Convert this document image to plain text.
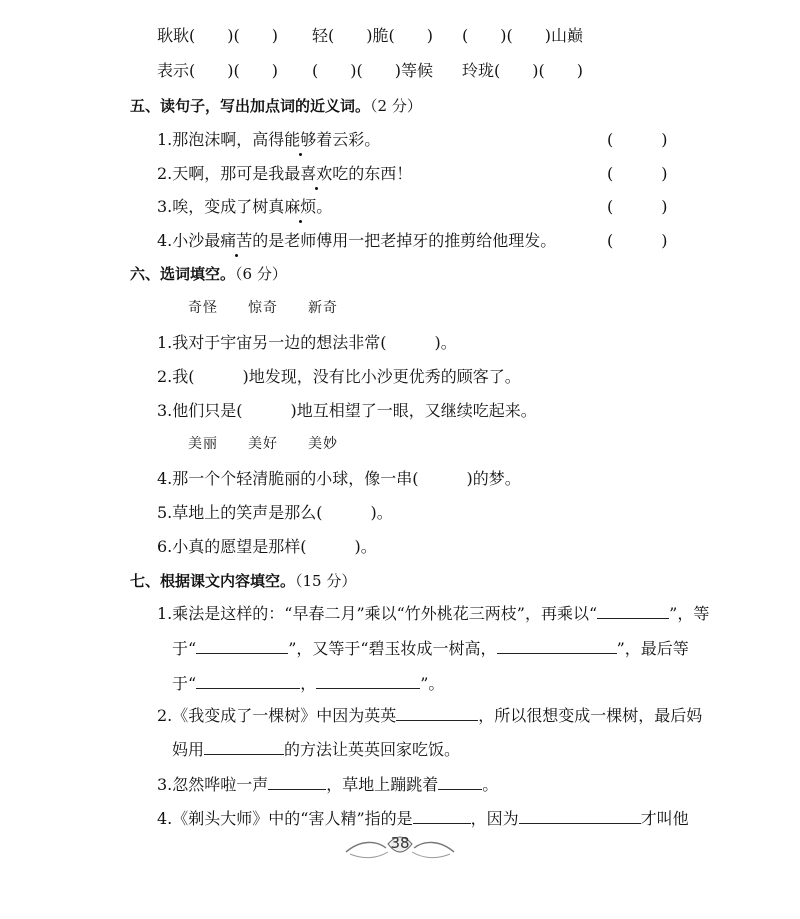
耿耿(　　)(　　) 轻(　　)脆(　　) (　　)(　　)山巅
表示(　　)(　　) (　　)(　　)等候 玲珑(　　)(　　)
五、读句子，写出加点词的近义词。（2 分）
1.那泡沫啊，高得能够着云彩。	(　　　)
2.天啊，那可是我最喜欢吃的东西！	(　　　)
3.唉，变成了树真麻烦。	(　　　)
4.小沙最痛苦的是老师傅用一把老掉牙的推剪给他理发。	(　　　)
六、选词填空。（6 分）
奇怪　　惊奇　　新奇
1.我对于宇宙另一边的想法非常(　　　)。
2.我(　　　)地发现，没有比小沙更优秀的顾客了。
3.他们只是(　　　)地互相望了一眼，又继续吃起来。
美丽　　美好　　美妙
4.那一个个轻清脆丽的小球，像一串(　　　)的梦。
5.草地上的笑声是那么(　　　)。
6.小真的愿望是那样(　　　)。
七、根据课文内容填空。（15 分）
1.乘法是这样的：“早春二月”乘以“竹外桃花三两枝”，再乘以“	”，等
于“	”，又等于“碧玉妆成一树高，	”，最后等
于“	，	”。
2.《我变成了一棵树》中因为英英	，所以很想变成一棵树，最后妈
妈用	的方法让英英回家吃饭。
3.忽然哗啦一声	，草地上蹦跳着	。
4.《剃头大师》中的“害人精”指的是	，因为	才叫他
38
